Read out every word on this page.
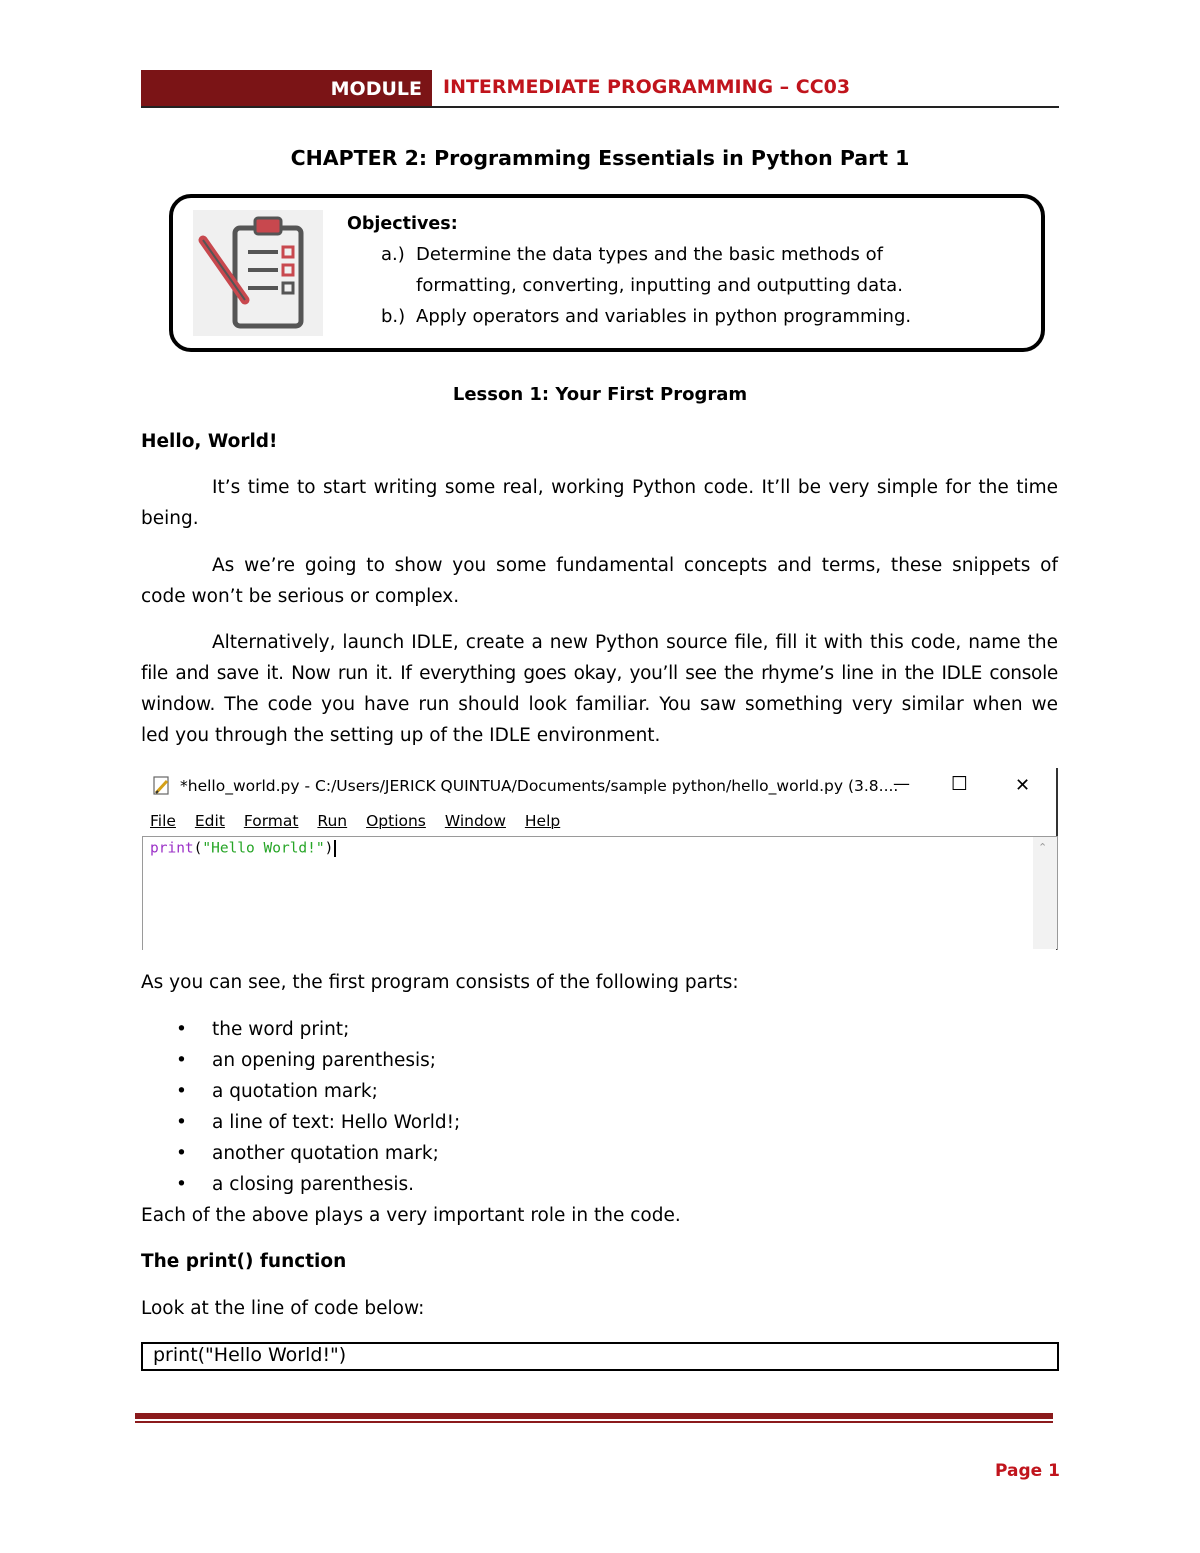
MODULE	INTERMEDIATE PROGRAMMING – CC03
CHAPTER 2: Programming Essentials in Python Part 1
Objectives:
a.) Determine the data types and the basic methods of
formatting, converting, inputting and outputting data.
b.) Apply operators and variables in python programming.
Lesson 1: Your First Program
Hello, World!
It’s time to start writing some real, working Python code. It’ll be very simple for the time
being.
As we’re going to show you some fundamental concepts and terms, these snippets of
code won’t be serious or complex.
Alternatively, launch IDLE, create a new Python source file, fill it with this code, name the
file and save it. Now run it. If everything goes okay, you’ll see the rhyme’s line in the IDLE console
window. The code you have run should look familiar. You saw something very similar when we
led you through the setting up of the IDLE environment.
*hello_world.py - C:/Users/JERICK QUINTUA/Documents/sample python/hello_world.py (3.8....
— ☐	✕
File Edit Format Run Options Window Help
⌃
print("Hello World!")
As you can see, the first program consists of the following parts:
• the word print;
• an opening parenthesis;
• a quotation mark;
• a line of text: Hello World!;
• another quotation mark;
• a closing parenthesis.
Each of the above plays a very important role in the code.
The print() function
Look at the line of code below:
print("Hello World!")
Page 1
